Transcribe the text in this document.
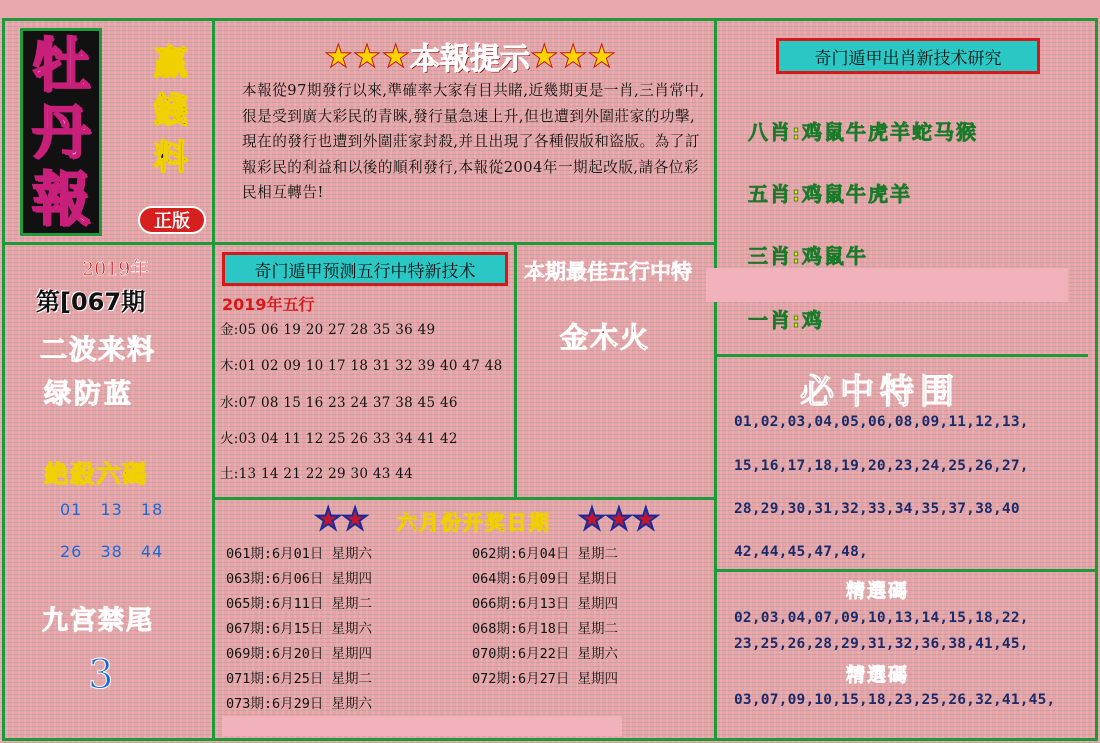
牡
丹
報
赢
錢
料
正版
★★★ 本報提示 ★★★
本報從97期發行以來,準確率大家有目共睹,近幾期更是一肖,三肖常中,很是受到廣大彩民的青睞,發行量急速上升,但也遭到外圍莊家的功擊,現在的發行也遭到外圍莊家封殺,并且出現了各種假版和盜版。為了訂報彩民的利益和以後的順利發行,本報從2004年一期起改版,請各位彩民相互轉告!
2019年
第[067期
二波来料
绿防蓝
絶殺六碼
01 13 18
26 38 44
九宫禁尾
3
奇门遁甲预测五行中特新技术
2019年五行
金:05 06 19 20 27 28 35 36 49
木:01 02 09 10 17 18 31 32 39 40 47 48
水:07 08 15 16 23 24 37 38 45 46
火:03 04 11 12 25 26 33 34 41 42
土:13 14 21 22 29 30 43 44
本期最佳五行中特
金木火
★★ 六月份开奖日期 ★★★
061期:6月01日 星期六
063期:6月06日 星期四
065期:6月11日 星期二
067期:6月15日 星期六
069期:6月20日 星期四
071期:6月25日 星期二
073期:6月29日 星期六
062期:6月04日 星期二
064期:6月09日 星期日
066期:6月13日 星期四
068期:6月18日 星期二
070期:6月22日 星期六
072期:6月27日 星期四
奇门遁甲出肖新技术研究
八肖:鸡鼠牛虎羊蛇马猴
五肖:鸡鼠牛虎羊
三肖:鸡鼠牛
一肖:鸡
必中特围
01,02,03,04,05,06,08,09,11,12,13,
15,16,17,18,19,20,23,24,25,26,27,
28,29,30,31,32,33,34,35,37,38,40
42,44,45,47,48,
精選碼
02,03,04,07,09,10,13,14,15,18,22,
23,25,26,28,29,31,32,36,38,41,45,
精選碼
03,07,09,10,15,18,23,25,26,32,41,45,
